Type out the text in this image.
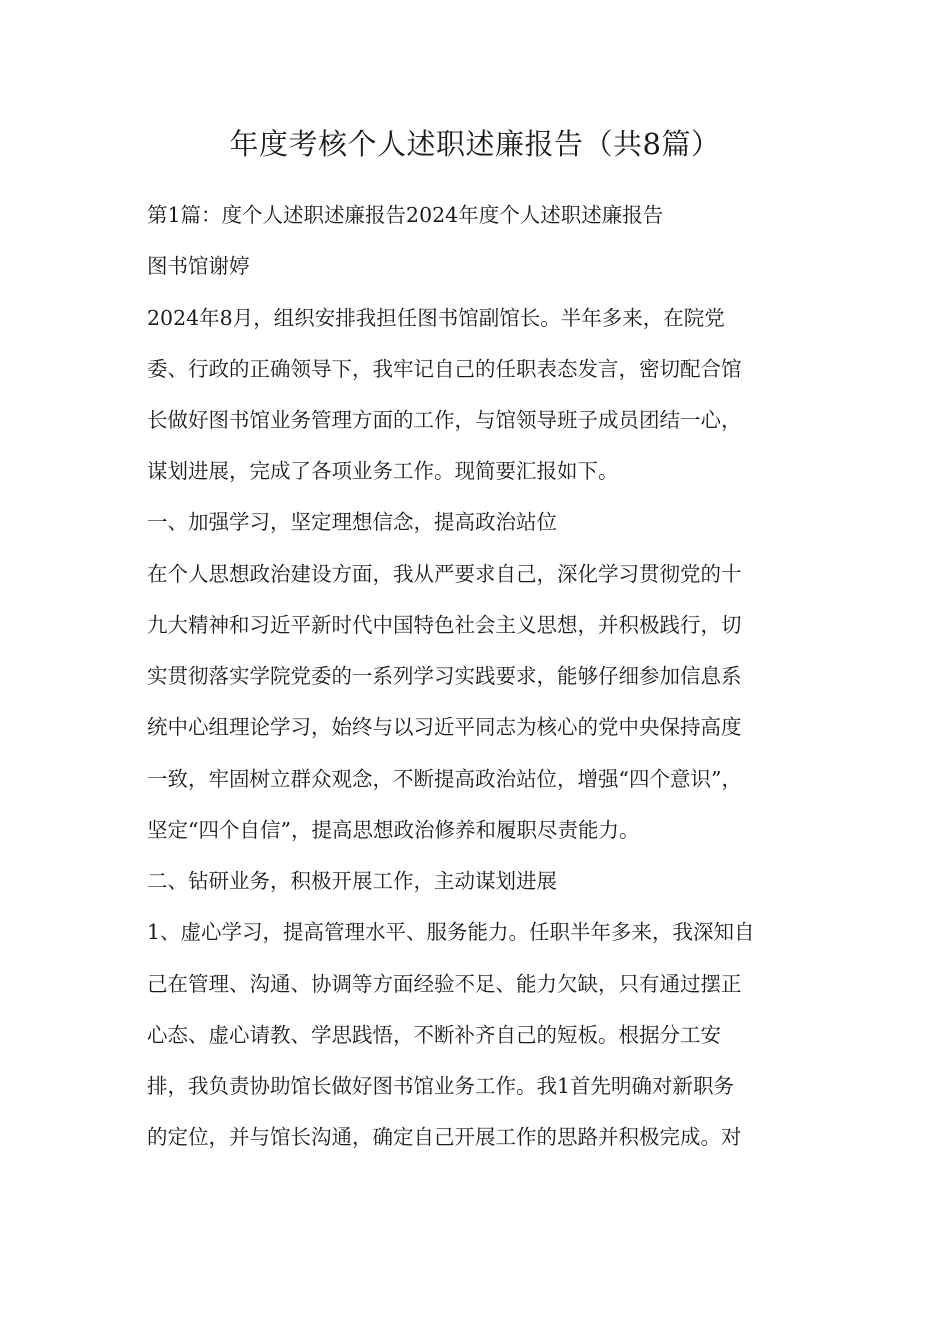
年度考核个人述职述廉报告（共8篇）
第1篇：度个人述职述廉报告2024年度个人述职述廉报告
图书馆谢婷
2024年8月，组织安排我担任图书馆副馆长。半年多来，在院党
委、行政的正确领导下，我牢记自己的任职表态发言，密切配合馆
长做好图书馆业务管理方面的工作，与馆领导班子成员团结一心，
谋划进展，完成了各项业务工作。现简要汇报如下。
一、加强学习，坚定理想信念，提高政治站位
在个人思想政治建设方面，我从严要求自己，深化学习贯彻党的十
九大精神和习近平新时代中国特色社会主义思想，并积极践行，切
实贯彻落实学院党委的一系列学习实践要求，能够仔细参加信息系
统中心组理论学习，始终与以习近平同志为核心的党中央保持高度
一致，牢固树立群众观念，不断提高政治站位，增强“四个意识”，
坚定“四个自信”，提高思想政治修养和履职尽责能力。
二、钻研业务，积极开展工作，主动谋划进展
1、虚心学习，提高管理水平、服务能力。任职半年多来，我深知自
己在管理、沟通、协调等方面经验不足、能力欠缺，只有通过摆正
心态、虚心请教、学思践悟，不断补齐自己的短板。根据分工安
排，我负责协助馆长做好图书馆业务工作。我1首先明确对新职务
的定位，并与馆长沟通，确定自己开展工作的思路并积极完成。对
